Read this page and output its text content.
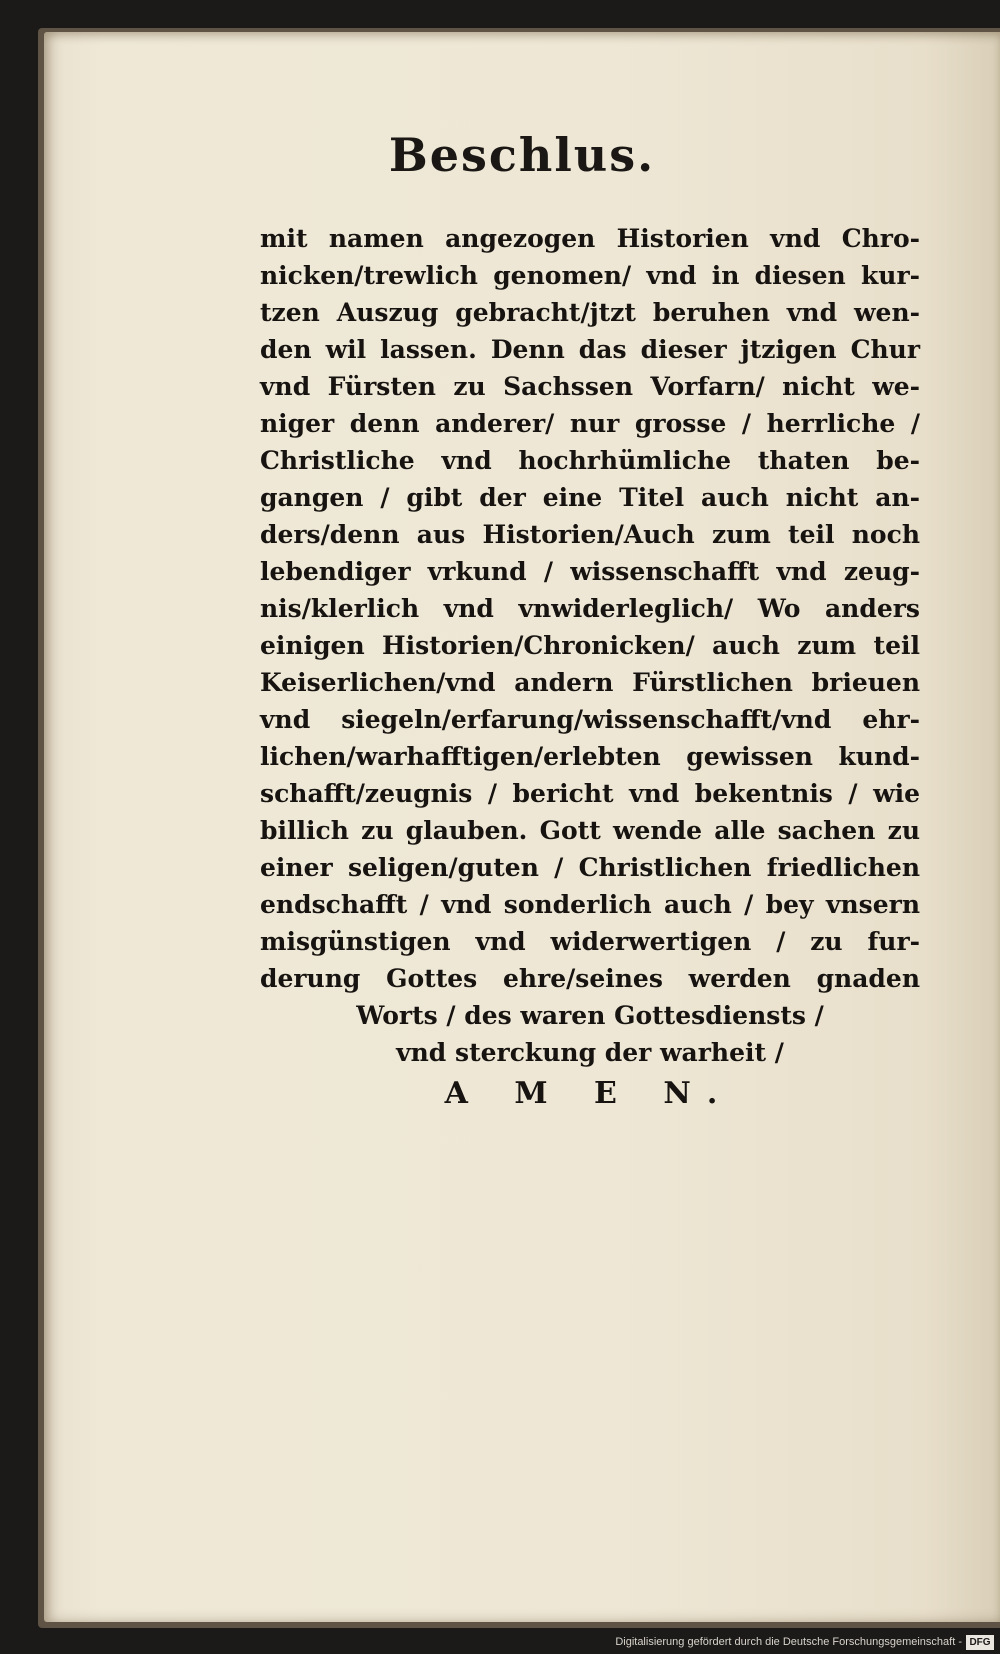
Beschlus.
mit namen angezogen Historien vnd Chro-
nicken/trewlich genomen/ vnd in diesen kur-
tzen Auszug gebracht/jtzt beruhen vnd wen-
den wil lassen. Denn das dieser jtzigen Chur
vnd Fürsten zu Sachssen Vorfarn/ nicht we-
niger denn anderer/ nur grosse / herrliche /
Christliche vnd hochrhümliche thaten be-
gangen / gibt der eine Titel auch nicht an-
ders/denn aus Historien/Auch zum teil noch
lebendiger vrkund / wissenschafft vnd zeug-
nis/klerlich vnd vnwiderleglich/ Wo anders
einigen Historien/Chronicken/ auch zum teil
Keiserlichen/vnd andern Fürstlichen brieuen
vnd siegeln/erfarung/wissenschafft/vnd ehr-
lichen/warhafftigen/erlebten gewissen kund-
schafft/zeugnis / bericht vnd bekentnis / wie
billich zu glauben. Gott wende alle sachen zu
einer seligen/guten / Christlichen friedlichen
endschafft / vnd sonderlich auch / bey vnsern
misgünstigen vnd widerwertigen / zu fur-
derung Gottes ehre/seines werden gnaden
Worts / des waren Gottesdiensts /
vnd sterckung der warheit /
A M E N.
Digitalisierung gefördert durch die Deutsche Forschungsgemeinschaft - DFG
